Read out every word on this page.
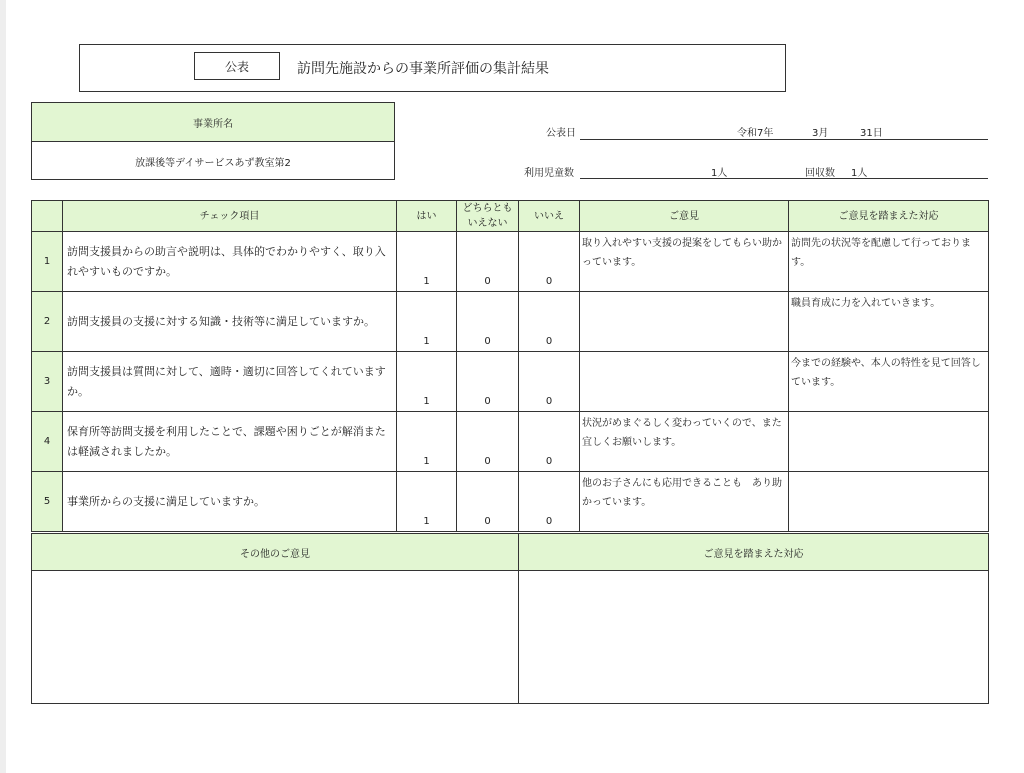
公表	訪問先施設からの事業所評価の集計結果
事業所名
放課後等デイサービスあず教室第2
公表日	令和7年	3月	31日
利用児童数	1人	回収数 1人
	チェック項目	はい	どちらとも
いえない	いいえ	ご意見	ご意見を踏まえた対応
1	訪問支援員からの助言や説明は、具体的でわかりやすく、取り入れやすいものですか。	1	0	0	取り入れやすい支援の提案をしてもらい助かっています。	訪問先の状況等を配慮して行っております。
2	訪問支援員の支援に対する知識・技術等に満足していますか。	1	0	0		職員育成に力を入れていきます。
3	訪問支援員は質問に対して、適時・適切に回答してくれていますか。	1	0	0		今までの経験や、本人の特性を見て回答しています。
4	保育所等訪問支援を利用したことで、課題や困りごとが解消または軽減されましたか。	1	0	0	状況がめまぐるしく変わっていくので、また宜しくお願いします。	
5	事業所からの支援に満足していますか。	1	0	0	他のお子さんにも応用できることも　あり助かっています。	
その他のご意見	ご意見を踏まえた対応
